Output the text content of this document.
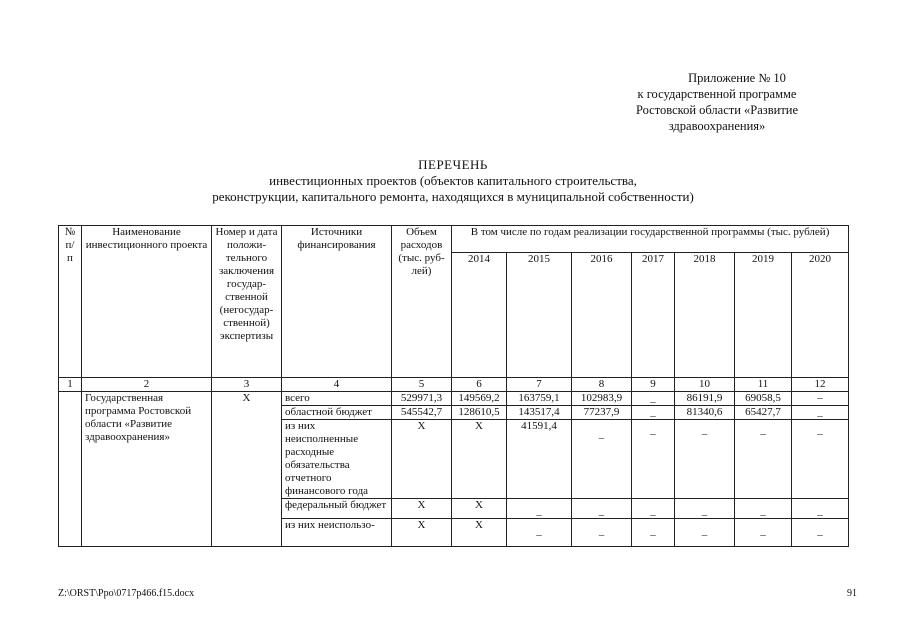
Приложение № 10
к государственной программе
Ростовской области «Развитие
здравоохранения»
ПЕРЕЧЕНЬ
инвестиционных проектов (объектов капитального строительства,
реконструкции, капитального ремонта, находящихся в муниципальной собственности)
№ п/ п	Наименование инвестиционного проекта	Номер и дата положи- тельного заключения государ- ственной (негосудар- ственной) экспертизы	Источники финансирования	Объем расходов (тыс. руб- лей)	В том числе по годам реализации государственной программы (тыс. рублей)						
					2014	2015	2016	2017	2018	2019	2020
1	2	3	4	5	6	7	8	9	10	11	12
	Государственная программа Ростовской области «Развитие здравоохранения»	Х	всего	529971,3	149569,2	163759,1	102983,9	_	86191,9	69058,5	–
			областной бюджет	545542,7	128610,5	143517,4	77237,9	_	81340,6	65427,7	_
			из них неисполненные расходные обязательства отчетного финансового года	Х	Х	41591,4	_	–	–	–	–
			федеральный бюджет	Х	Х	_	_	_	_	_	_
			из них неиспользо-	Х	Х	_	_	_	_	_	_
Z:\ORST\Ppo\0717p466.f15.docx	91
